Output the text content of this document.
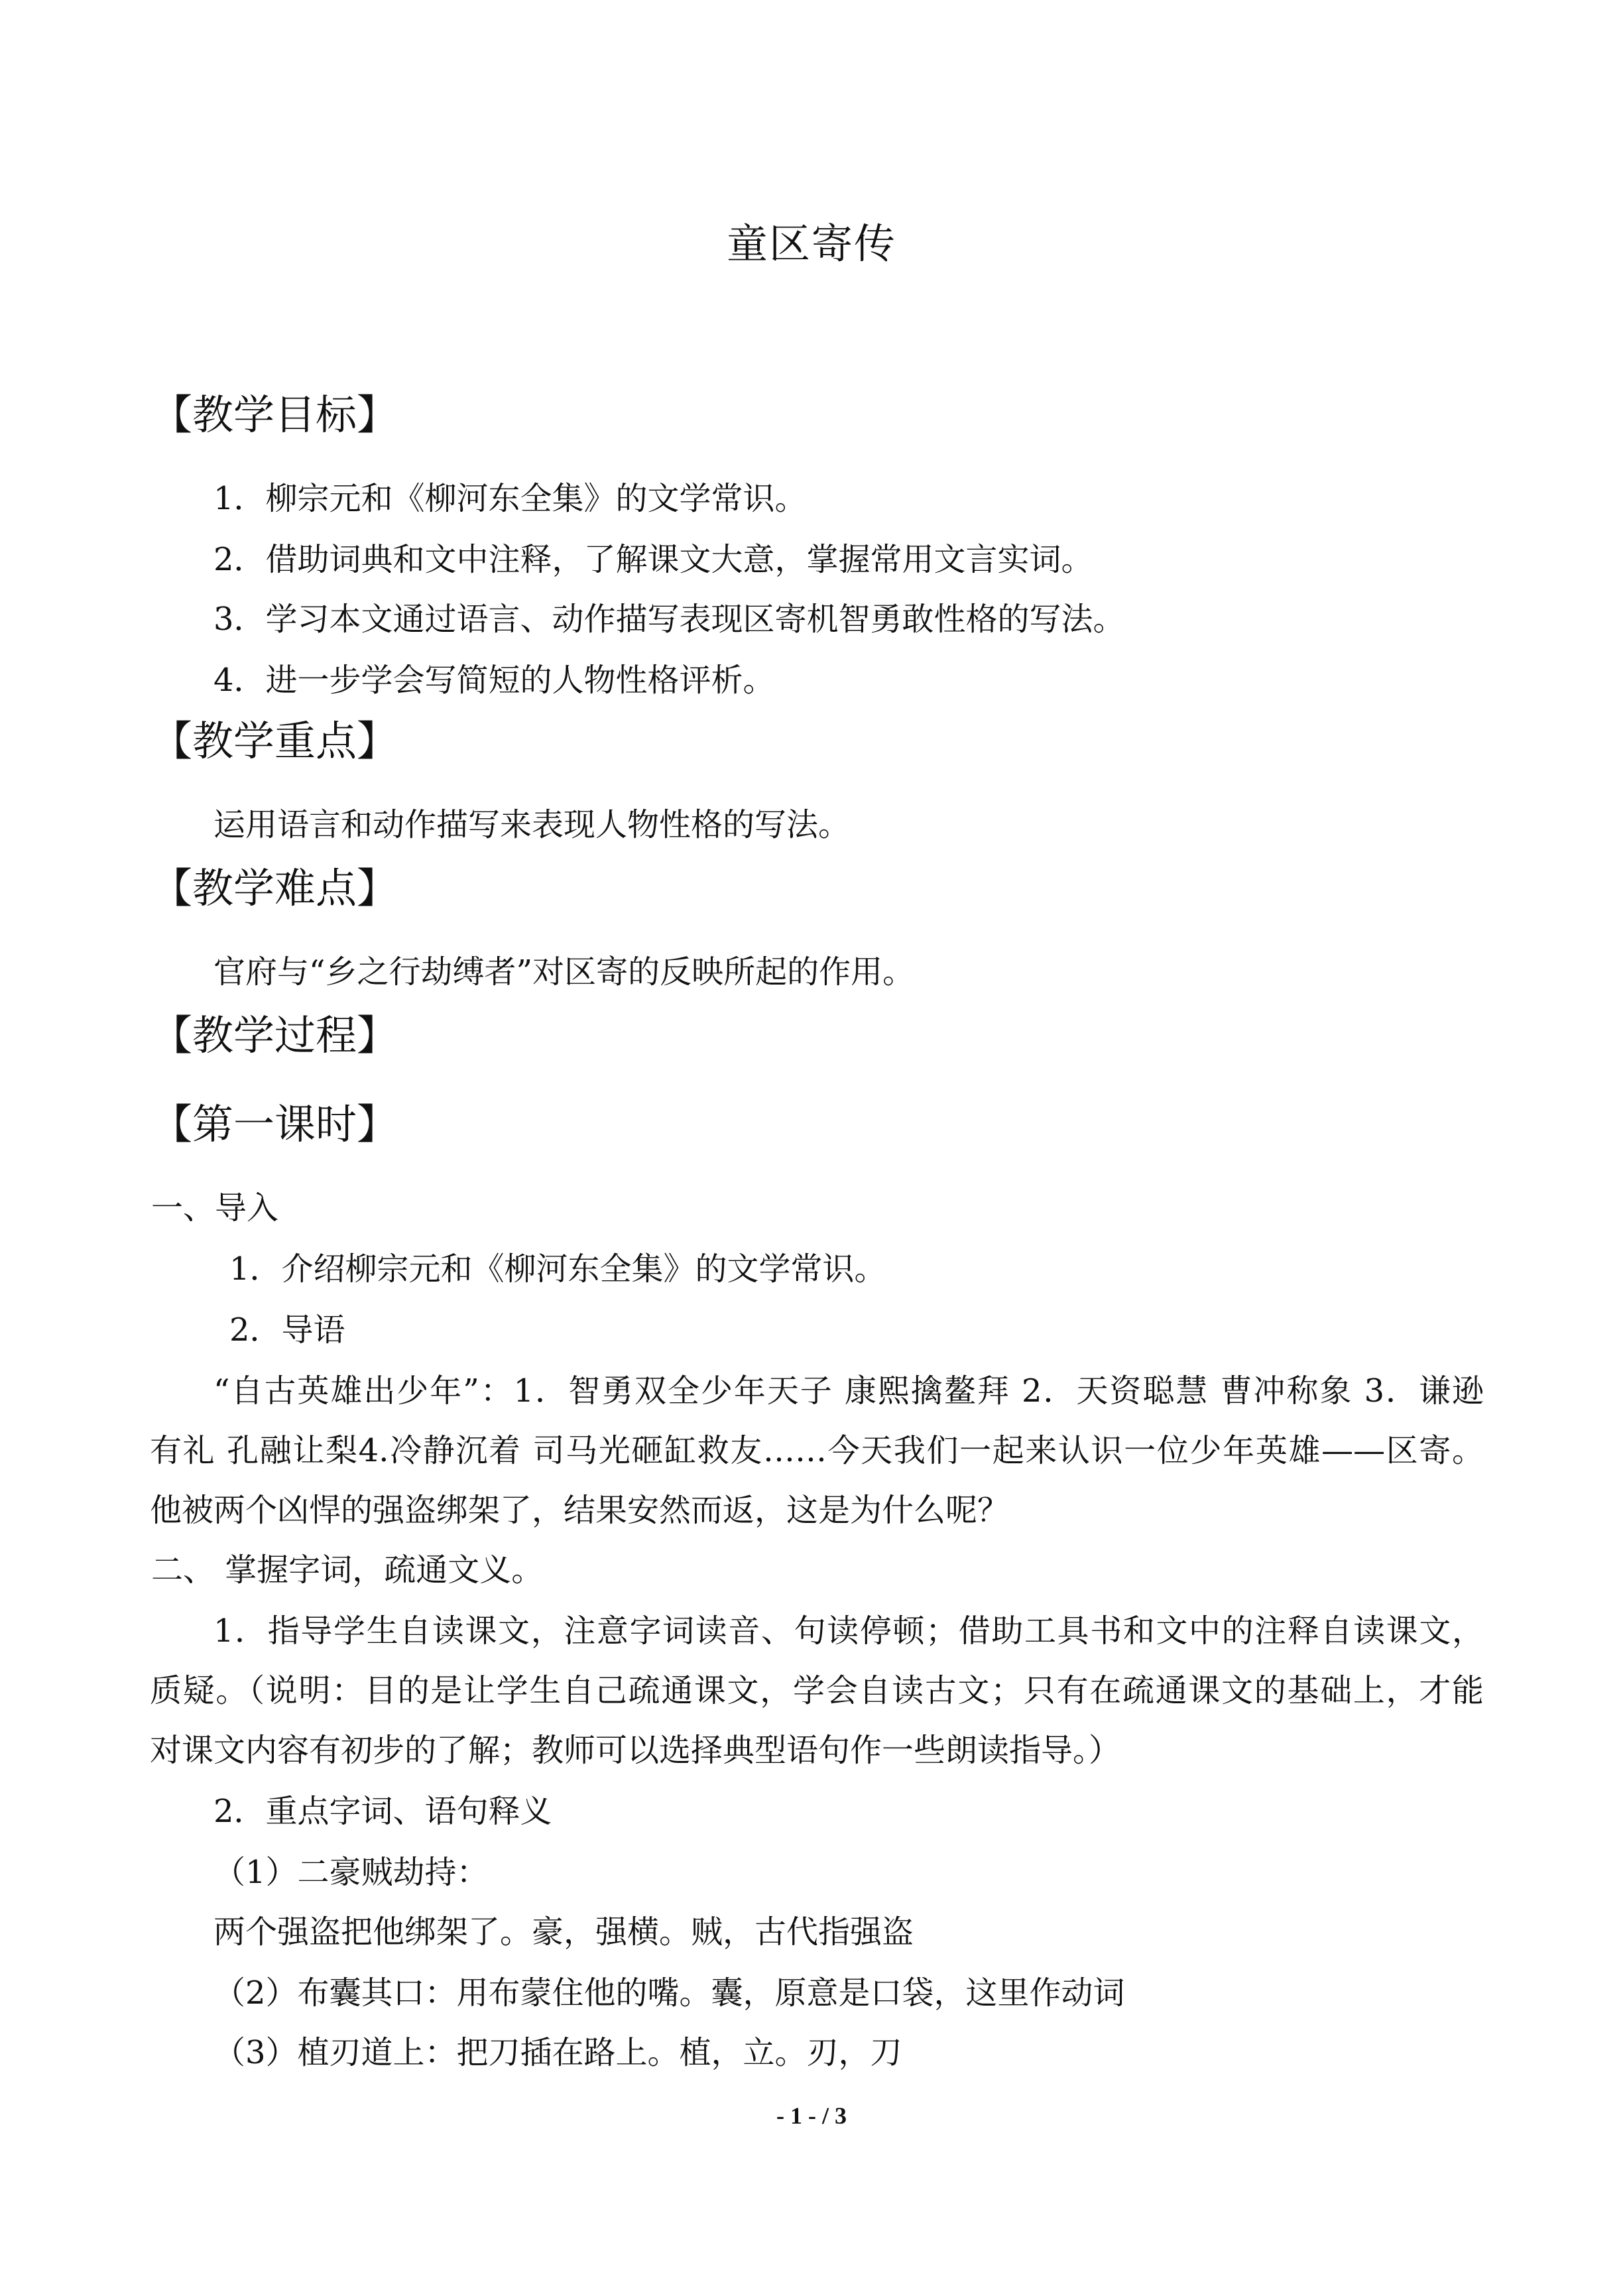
童区寄传
【教学目标】
1．柳宗元和《柳河东全集》的文学常识。
2．借助词典和文中注释，了解课文大意，掌握常用文言实词。
3．学习本文通过语言、动作描写表现区寄机智勇敢性格的写法。
4．进一步学会写简短的人物性格评析。
【教学重点】
运用语言和动作描写来表现人物性格的写法。
【教学难点】
官府与“乡之行劫缚者”对区寄的反映所起的作用。
【教学过程】
【第一课时】
一、导入
1．介绍柳宗元和《柳河东全集》的文学常识。
2．导语
“自古英雄出少年”：1．智勇双全少年天子 康熙擒鳌拜 2．天资聪慧 曹冲称象 3．谦逊
有礼 孔融让梨4.冷静沉着 司马光砸缸救友……今天我们一起来认识一位少年英雄——区寄。
他被两个凶悍的强盗绑架了，结果安然而返，这是为什么呢？
二、 掌握字词，疏通文义。
1．指导学生自读课文，注意字词读音、句读停顿；借助工具书和文中的注释自读课文，
质疑。（说明：目的是让学生自己疏通课文，学会自读古文；只有在疏通课文的基础上，才能
对课文内容有初步的了解；教师可以选择典型语句作一些朗读指导。）
2．重点字词、语句释义
（1）二豪贼劫持：
两个强盗把他绑架了。豪，强横。贼，古代指强盗
（2）布囊其口：用布蒙住他的嘴。囊，原意是口袋，这里作动词
（3）植刃道上：把刀插在路上。植，立。刃，刀
- 1 - / 3
